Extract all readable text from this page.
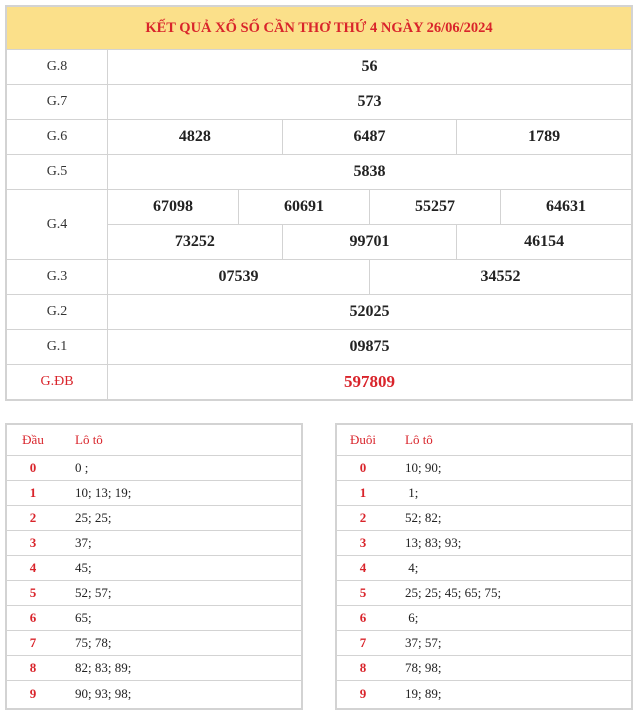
KẾT QUẢ XỔ SỐ CẦN THƠ THỨ 4 NGÀY 26/06/2024
G.8	56
G.7	573
G.6	4828	6487	1789
G.5	5838
G.4
67098	60691	55257	64631
73252	99701	46154
G.3	07539	34552
G.2	52025
G.1	09875
G.ĐB	597809
Đầu	Lô tô
0	0 ;
1	10; 13; 19;
2	25; 25;
3	37;
4	45;
5	52; 57;
6	65;
7	75; 78;
8	82; 83; 89;
9	90; 93; 98;
Đuôi	Lô tô
0	10; 90;
1	1;
2	52; 82;
3	13; 83; 93;
4	4;
5	25; 25; 45; 65; 75;
6	6;
7	37; 57;
8	78; 98;
9	19; 89;
